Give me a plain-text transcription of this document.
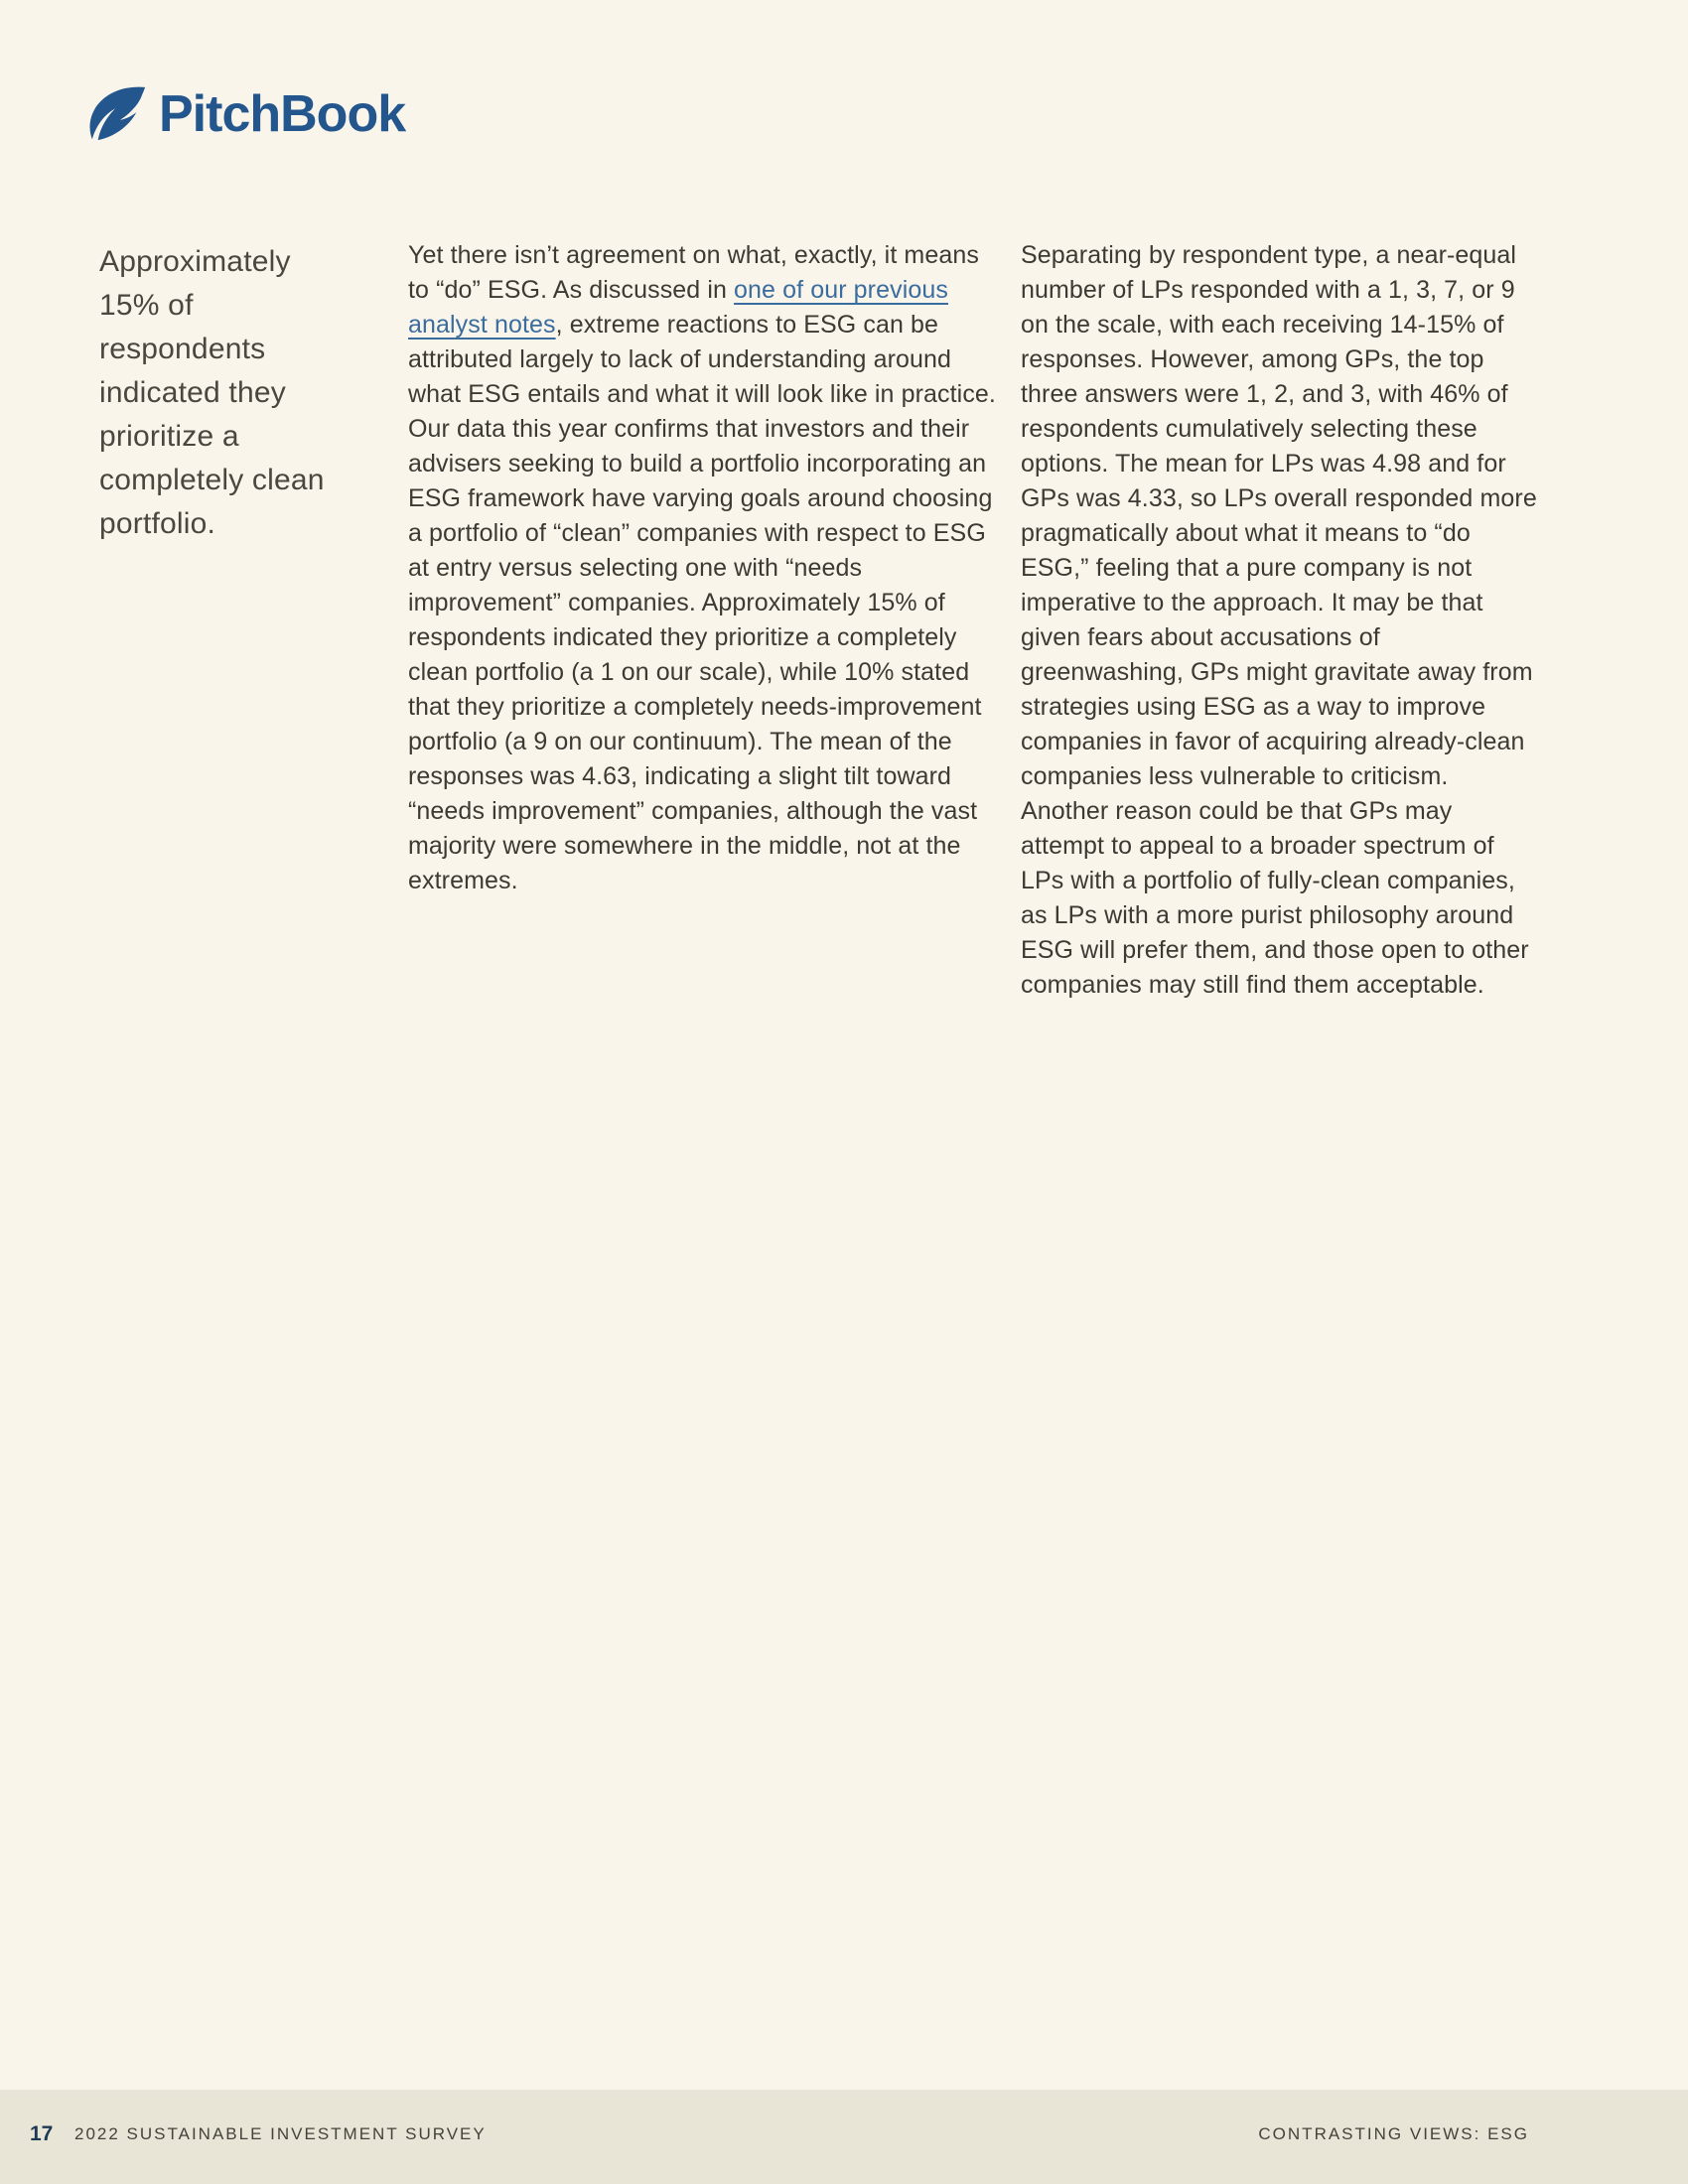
PitchBook
Approximately 15% of respondents indicated they prioritize a completely clean portfolio.

Yet there isn’t agreement on what, exactly, it means to “do” ESG. As discussed in one of our previous analyst notes, extreme reactions to ESG can be attributed largely to lack of understanding around what ESG entails and what it will look like in practice. Our data this year confirms that investors and their advisers seeking to build a portfolio incorporating an ESG framework have varying goals around choosing a portfolio of “clean” companies with respect to ESG at entry versus selecting one with “needs improvement” companies. Approximately 15% of respondents indicated they prioritize a completely clean portfolio (a 1 on our scale), while 10% stated that they prioritize a completely needs-improvement portfolio (a 9 on our continuum). The mean of the responses was 4.63, indicating a slight tilt toward “needs improvement” companies, although the vast majority were somewhere in the middle, not at the extremes.

Separating by respondent type, a near-equal number of LPs responded with a 1, 3, 7, or 9 on the scale, with each receiving 14-15% of responses. However, among GPs, the top three answers were 1, 2, and 3, with 46% of respondents cumulatively selecting these options. The mean for LPs was 4.98 and for GPs was 4.33, so LPs overall responded more pragmatically about what it means to “do ESG,” feeling that a pure company is not imperative to the approach. It may be that given fears about accusations of greenwashing, GPs might gravitate away from strategies using ESG as a way to improve companies in favor of acquiring already-clean companies less vulnerable to criticism. Another reason could be that GPs may attempt to appeal to a broader spectrum of LPs with a portfolio of fully-clean companies, as LPs with a more purist philosophy around ESG will prefer them, and those open to other companies may still find them acceptable.

17 2022 SUSTAINABLE INVESTMENT SURVEY	CONTRASTING VIEWS: ESG
